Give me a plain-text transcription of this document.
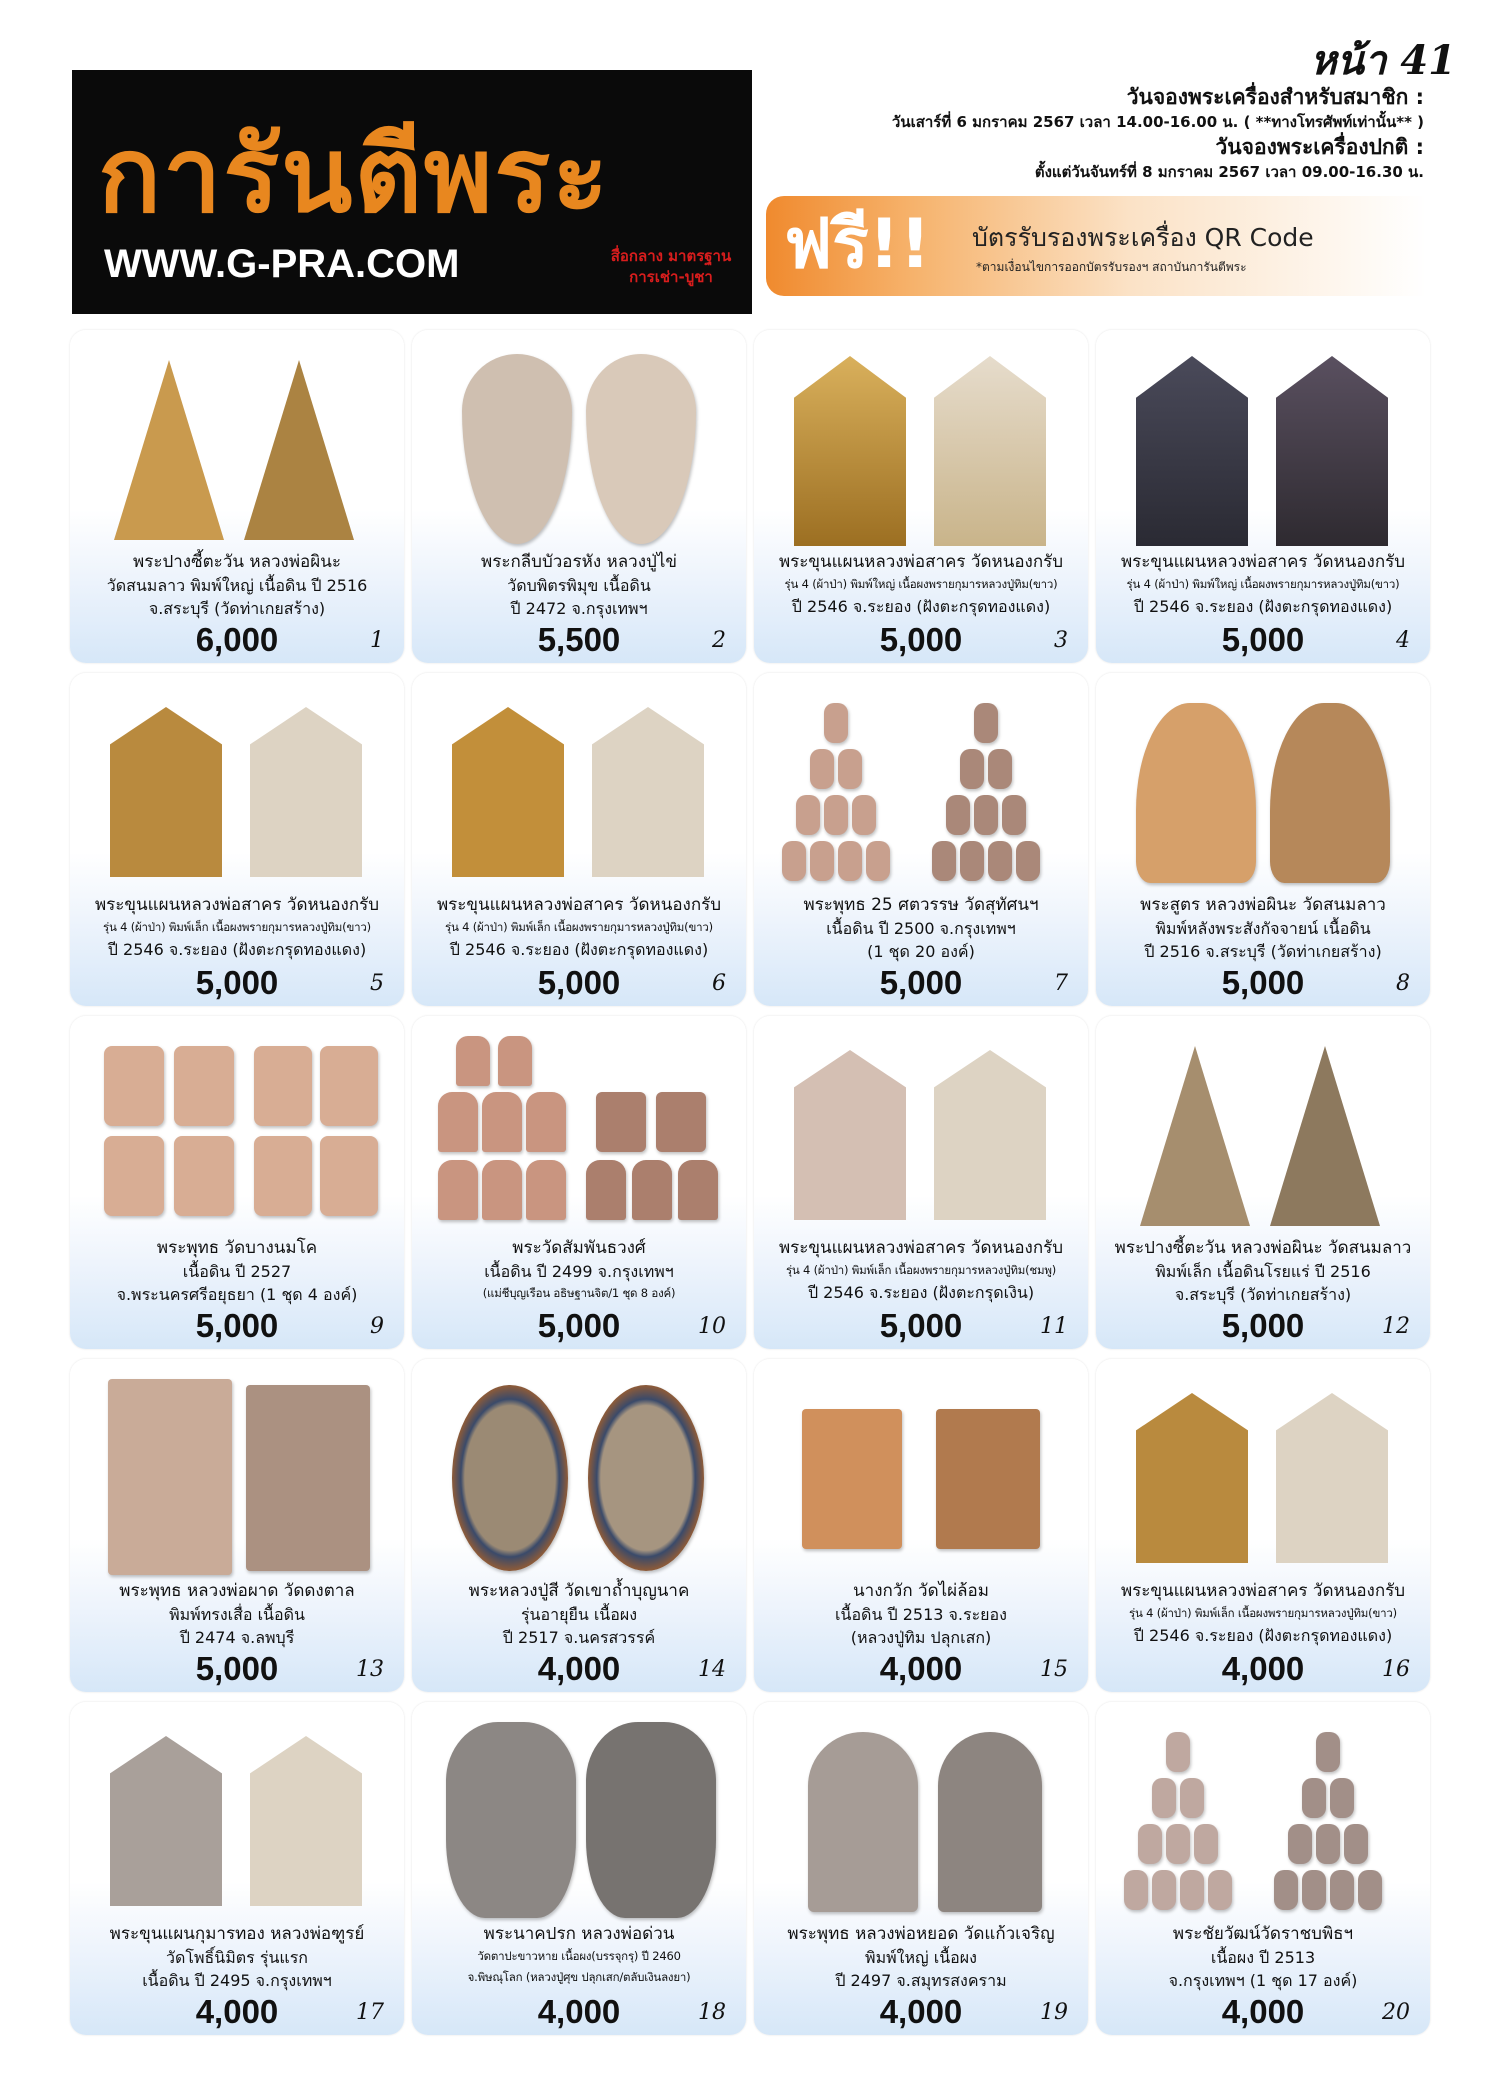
หน้า 41
การันตีพระ
WWW.G-PRA.COM	สื่อกลาง มาตรฐาน
การเช่า-บูชา
วันจองพระเครื่องสำหรับสมาชิก :
วันเสาร์ที่ 6 มกราคม 2567 เวลา 14.00-16.00 น. ( **ทางโทรศัพท์เท่านั้น** )
วันจองพระเครื่องปกติ :
ตั้งแต่วันจันทร์ที่ 8 มกราคม 2567 เวลา 09.00-16.30 น.
ฟรี!! บัตรรับรองพระเครื่อง QR Code
*ตามเงื่อนไขการออกบัตรรับรองฯ สถาบันการันตีพระ
พระปางซี้ตะวัน หลวงพ่อผินะ
วัดสนมลาว พิมพ์ใหญ่ เนื้อดิน ปี 2516
จ.สระบุรี (วัดท่าเกยสร้าง)
6,000	1
พระกลีบบัวอรหัง หลวงปู่ไข่
วัดบพิตรพิมุข เนื้อดิน
ปี 2472 จ.กรุงเทพฯ
5,500	2
พระขุนแผนหลวงพ่อสาคร วัดหนองกรับ
รุ่น 4 (ผ้าป่า) พิมพ์ใหญ่ เนื้อผงพรายกุมารหลวงปู่ทิม(ขาว)
ปี 2546 จ.ระยอง (ฝังตะกรุดทองแดง)
5,000	3
พระขุนแผนหลวงพ่อสาคร วัดหนองกรับ
รุ่น 4 (ผ้าป่า) พิมพ์ใหญ่ เนื้อผงพรายกุมารหลวงปู่ทิม(ขาว)
ปี 2546 จ.ระยอง (ฝังตะกรุดทองแดง)
5,000	4
พระขุนแผนหลวงพ่อสาคร วัดหนองกรับ
รุ่น 4 (ผ้าป่า) พิมพ์เล็ก เนื้อผงพรายกุมารหลวงปู่ทิม(ขาว)
ปี 2546 จ.ระยอง (ฝังตะกรุดทองแดง)
5,000	5
พระขุนแผนหลวงพ่อสาคร วัดหนองกรับ
รุ่น 4 (ผ้าป่า) พิมพ์เล็ก เนื้อผงพรายกุมารหลวงปู่ทิม(ขาว)
ปี 2546 จ.ระยอง (ฝังตะกรุดทองแดง)
5,000	6
พระพุทธ 25 ศตวรรษ วัดสุทัศนฯ
เนื้อดิน ปี 2500 จ.กรุงเทพฯ
(1 ชุด 20 องค์)
5,000	7
พระสูตร หลวงพ่อผินะ วัดสนมลาว
พิมพ์หลังพระสังกัจจายน์ เนื้อดิน
ปี 2516 จ.สระบุรี (วัดท่าเกยสร้าง)
5,000	8
พระพุทธ วัดบางนมโค
เนื้อดิน ปี 2527
จ.พระนครศรีอยุธยา (1 ชุด 4 องค์)
5,000	9
พระวัดสัมพันธวงศ์
เนื้อดิน ปี 2499 จ.กรุงเทพฯ
(แม่ชีบุญเรือน อธิษฐานจิต/1 ชุด 8 องค์)
5,000	10
พระขุนแผนหลวงพ่อสาคร วัดหนองกรับ
รุ่น 4 (ผ้าป่า) พิมพ์เล็ก เนื้อผงพรายกุมารหลวงปู่ทิม(ชมพู)
ปี 2546 จ.ระยอง (ฝังตะกรุดเงิน)
5,000	11
พระปางซี้ตะวัน หลวงพ่อผินะ วัดสนมลาว
พิมพ์เล็ก เนื้อดินโรยแร่ ปี 2516
จ.สระบุรี (วัดท่าเกยสร้าง)
5,000	12
พระพุทธ หลวงพ่อผาด วัดดงตาล
พิมพ์ทรงเสื่อ เนื้อดิน
ปี 2474 จ.ลพบุรี
5,000	13
พระหลวงปู่สี วัดเขาถ้ำบุญนาค
รุ่นอายุยืน เนื้อผง
ปี 2517 จ.นครสวรรค์
4,000	14
นางกวัก วัดไผ่ล้อม
เนื้อดิน ปี 2513 จ.ระยอง
(หลวงปู่ทิม ปลุกเสก)
4,000	15
พระขุนแผนหลวงพ่อสาคร วัดหนองกรับ
รุ่น 4 (ผ้าป่า) พิมพ์เล็ก เนื้อผงพรายกุมารหลวงปู่ทิม(ขาว)
ปี 2546 จ.ระยอง (ฝังตะกรุดทองแดง)
4,000	16
พระขุนแผนกุมารทอง หลวงพ่อฑูรย์
วัดโพธิ์นิมิตร รุ่นแรก
เนื้อดิน ปี 2495 จ.กรุงเทพฯ
4,000	17
พระนาคปรก หลวงพ่อด่วน
วัดตาปะขาวหาย เนื้อผง(บรรจุกรุ) ปี 2460
จ.พิษณุโลก (หลวงปู่ศุข ปลุกเสก/ตลับเงินลงยา)
4,000	18
พระพุทธ หลวงพ่อหยอด วัดแก้วเจริญ
พิมพ์ใหญ่ เนื้อผง
ปี 2497 จ.สมุทรสงคราม
4,000	19
พระชัยวัฒน์วัดราชบพิธฯ
เนื้อผง ปี 2513
จ.กรุงเทพฯ (1 ชุด 17 องค์)
4,000	20
